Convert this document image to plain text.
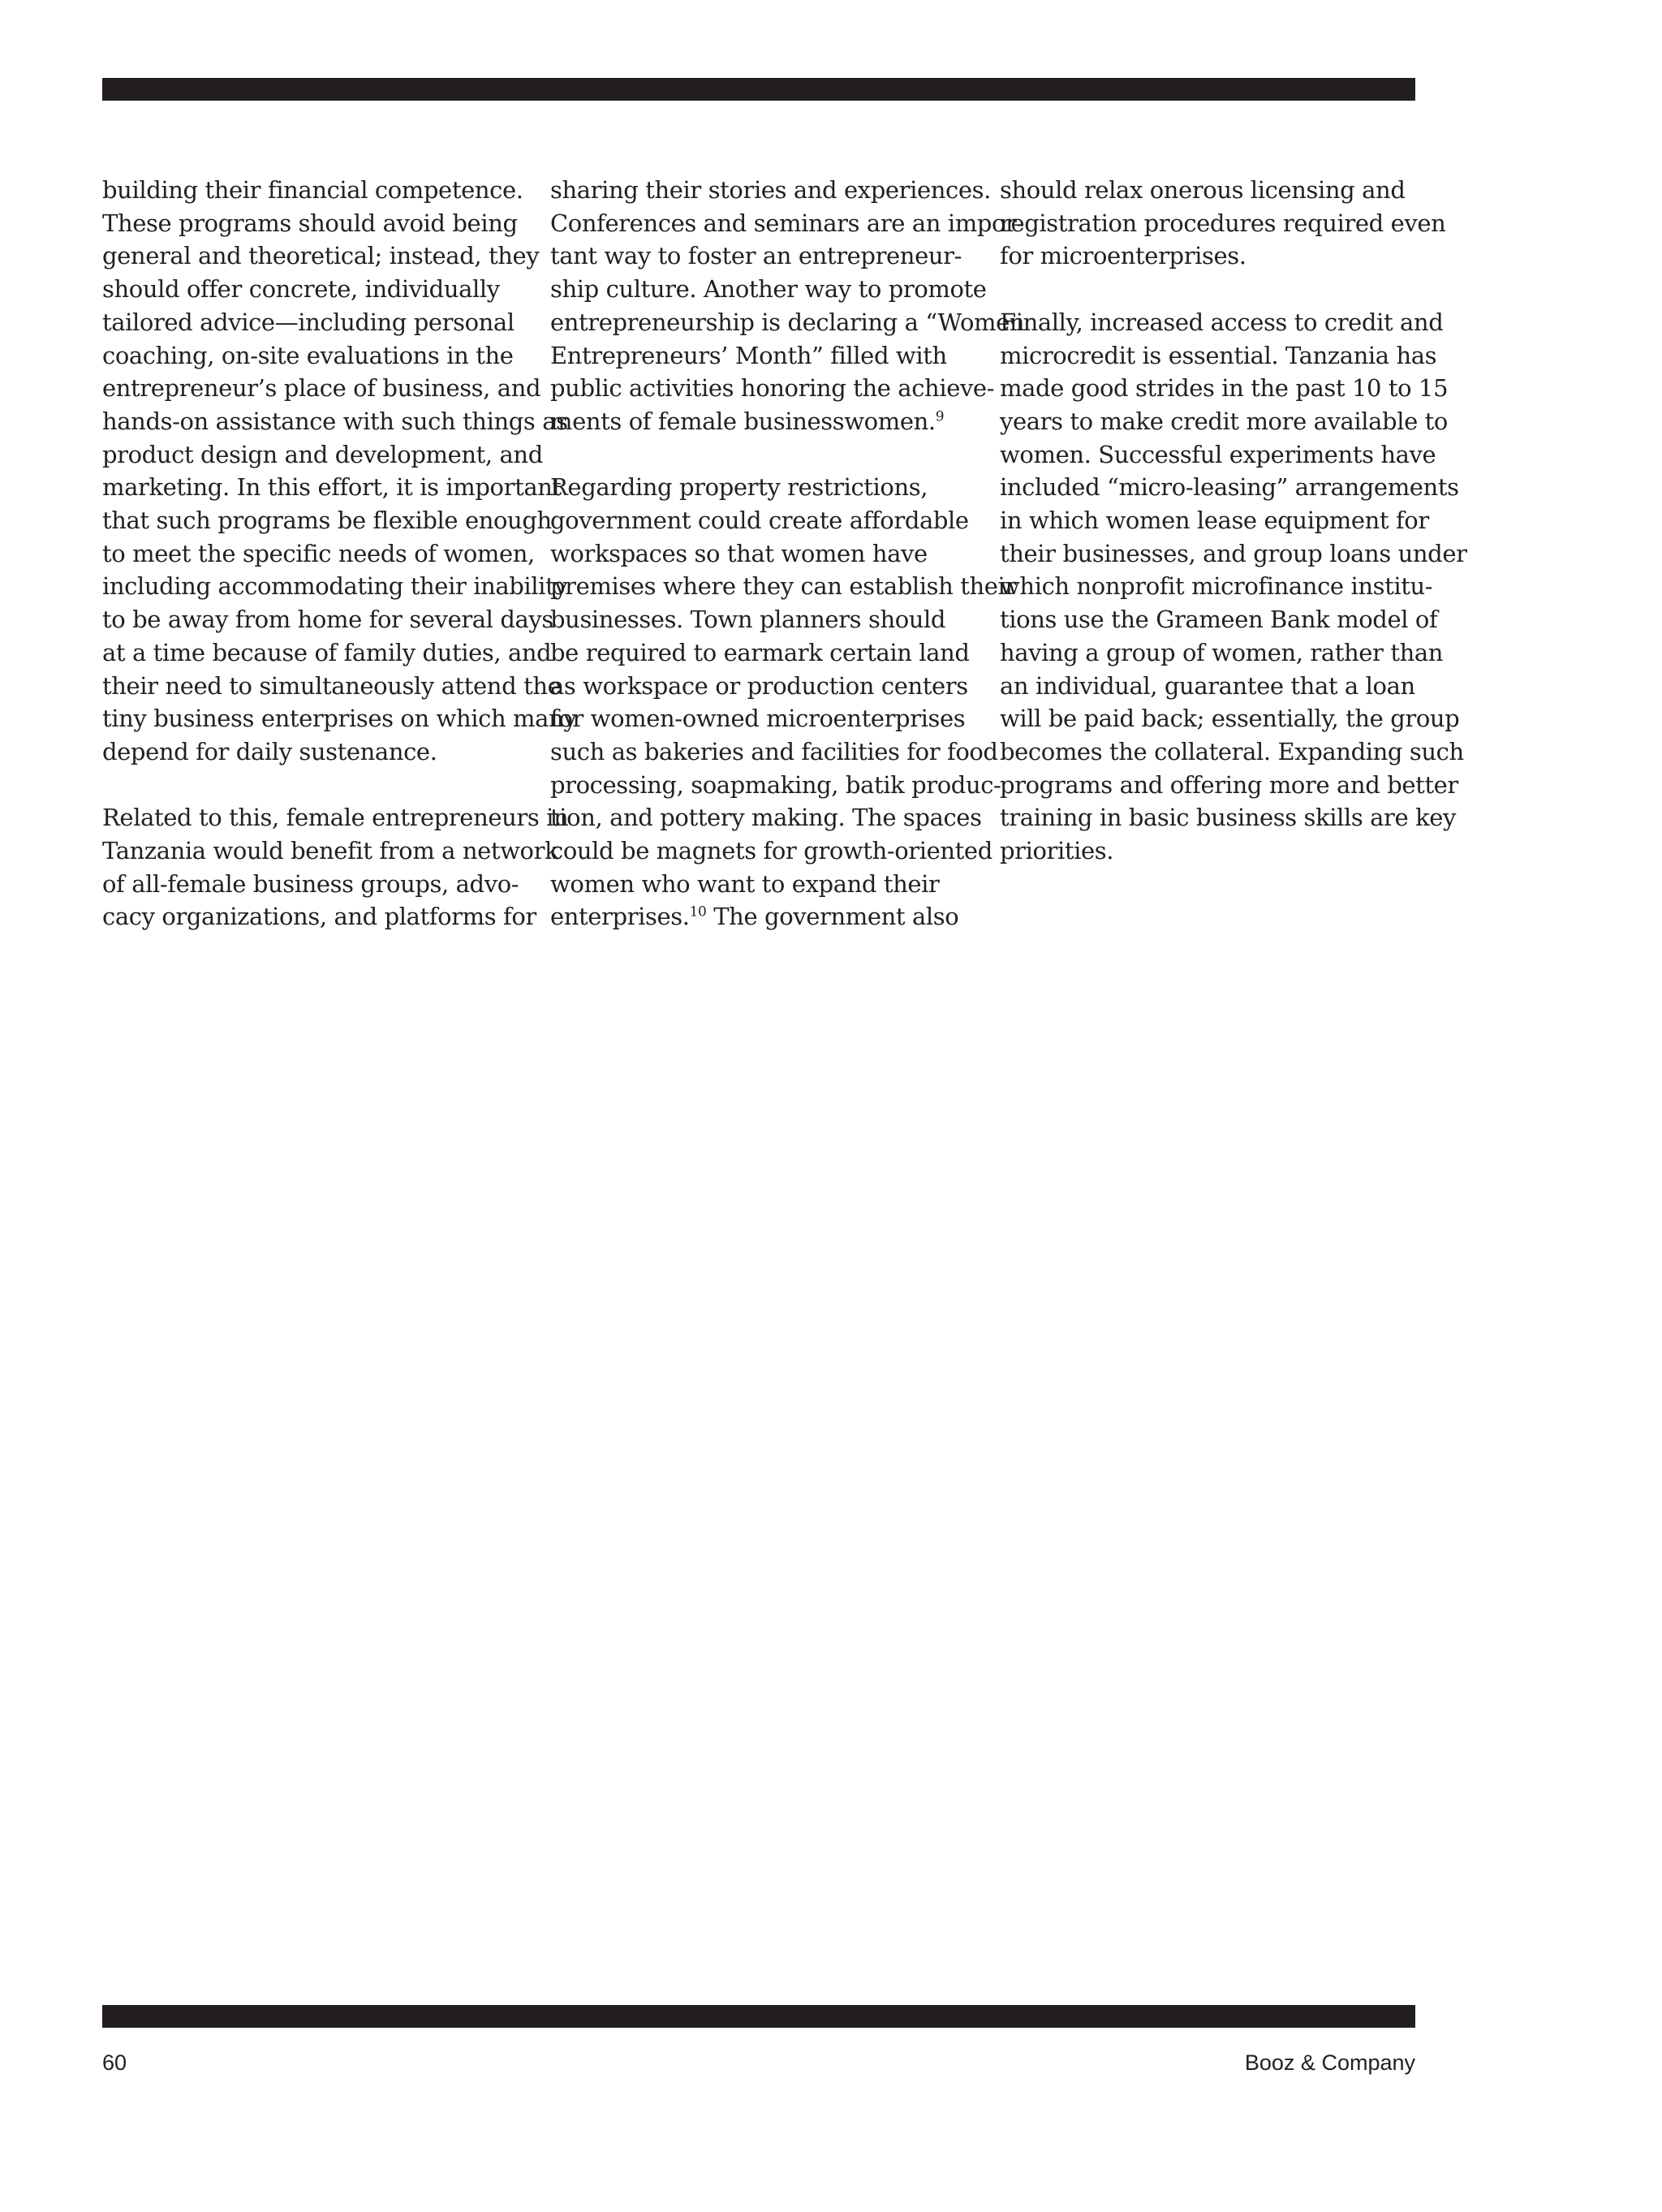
building their financial competence.
These programs should avoid being
general and theoretical; instead, they
should offer concrete, individually
tailored advice—including personal
coaching, on-site evaluations in the
entrepreneur’s place of business, and
hands-on assistance with such things as
product design and development, and
marketing. In this effort, it is important
that such programs be flexible enough
to meet the specific needs of women,
including accommodating their inability
to be away from home for several days
at a time because of family duties, and
their need to simultaneously attend the
tiny business enterprises on which many
depend for daily sustenance.

Related to this, female entrepreneurs in
Tanzania would benefit from a network
of all-female business groups, advo-
cacy organizations, and platforms for

sharing their stories and experiences.
Conferences and seminars are an impor-
tant way to foster an entrepreneur-
ship culture. Another way to promote
entrepreneurship is declaring a “Women
Entrepreneurs’ Month” filled with
public activities honoring the achieve-
ments of female businesswomen.$^9$

Regarding property restrictions,
government could create affordable
workspaces so that women have
premises where they can establish their
businesses. Town planners should
be required to earmark certain land
as workspace or production centers
for women-owned microenterprises
such as bakeries and facilities for food
processing, soapmaking, batik produc-
tion, and pottery making. The spaces
could be magnets for growth-oriented
women who want to expand their
enterprises.$^{10}$ The government also

should relax onerous licensing and
registration procedures required even
for microenterprises.

Finally, increased access to credit and
microcredit is essential. Tanzania has
made good strides in the past 10 to 15
years to make credit more available to
women. Successful experiments have
included “micro-leasing” arrangements
in which women lease equipment for
their businesses, and group loans under
which nonprofit microfinance institu-
tions use the Grameen Bank model of
having a group of women, rather than
an individual, guarantee that a loan
will be paid back; essentially, the group
becomes the collateral. Expanding such
programs and offering more and better
training in basic business skills are key
priorities.

60	Booz & Company
